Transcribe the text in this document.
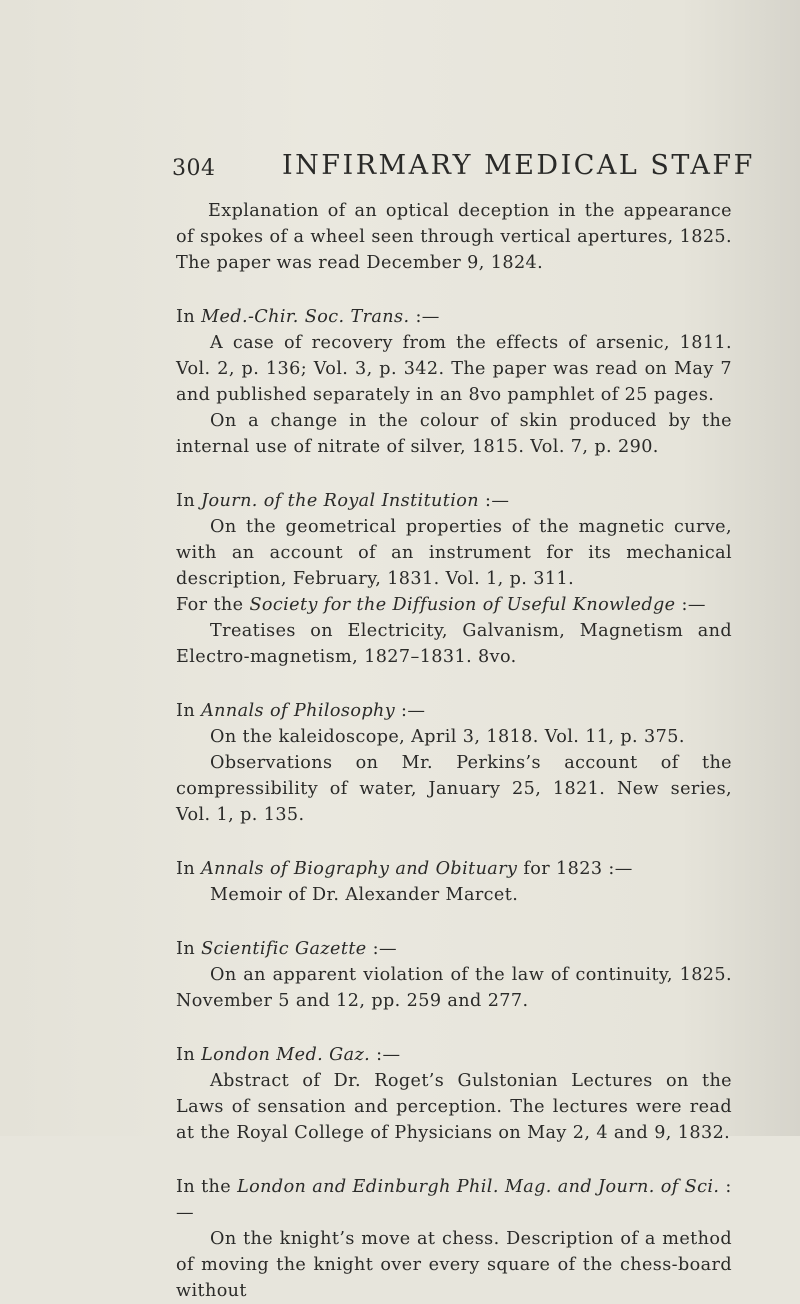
304 INFIRMARY MEDICAL STAFF

Explanation of an optical deception in the appearance of spokes of a wheel seen through vertical apertures, 1825. The paper was read December 9, 1824.

In Med.-Chir. Soc. Trans. :—

A case of recovery from the effects of arsenic, 1811. Vol. 2, p. 136; Vol. 3, p. 342. The paper was read on May 7 and published separately in an 8vo pamphlet of 25 pages.

On a change in the colour of skin produced by the internal use of nitrate of silver, 1815. Vol. 7, p. 290.

In Journ. of the Royal Institution :—

On the geometrical properties of the magnetic curve, with an account of an instrument for its mechanical description, February, 1831. Vol. 1, p. 311.

For the Society for the Diffusion of Useful Knowledge :—

Treatises on Electricity, Galvanism, Magnetism and Electro-magnetism, 1827–1831. 8vo.

In Annals of Philosophy :—

On the kaleidoscope, April 3, 1818. Vol. 11, p. 375.

Observations on Mr. Perkins’s account of the compressibility of water, January 25, 1821. New series, Vol. 1, p. 135.

In Annals of Biography and Obituary for 1823 :—

Memoir of Dr. Alexander Marcet.

In Scientific Gazette :—

On an apparent violation of the law of continuity, 1825. November 5 and 12, pp. 259 and 277.

In London Med. Gaz. :—

Abstract of Dr. Roget’s Gulstonian Lectures on the Laws of sensation and perception. The lectures were read at the Royal College of Physicians on May 2, 4 and 9, 1832.

In the London and Edinburgh Phil. Mag. and Journ. of Sci. :—

On the knight’s move at chess. Description of a method of moving the knight over every square of the chess-board without
